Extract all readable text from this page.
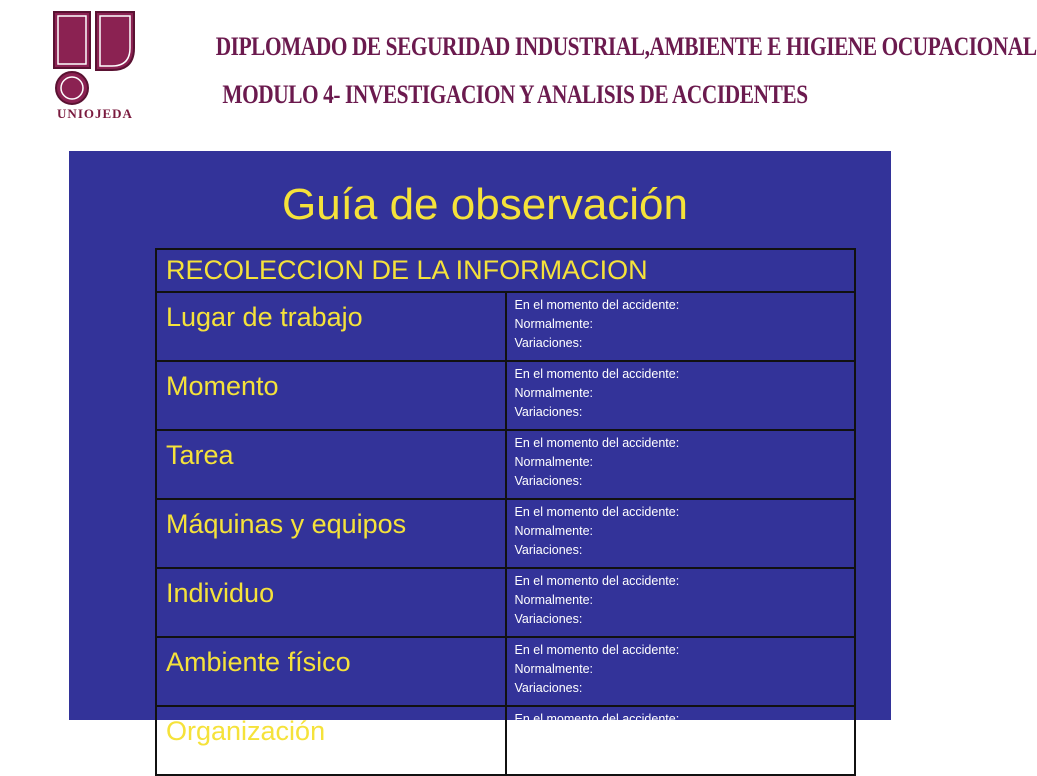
UNIOJEDA
DIPLOMADO DE SEGURIDAD INDUSTRIAL,AMBIENTE E HIGIENE OCUPACIONAL
MODULO 4- INVESTIGACION Y ANALISIS DE ACCIDENTES
Guía de observación
RECOLECCION DE LA INFORMACION	
Lugar de trabajo	En el momento del accidente:
Normalmente:
Variaciones:

Momento	En el momento del accidente:
Normalmente:
Variaciones:

Tarea	En el momento del accidente:
Normalmente:
Variaciones:

Máquinas y equipos	En el momento del accidente:
Normalmente:
Variaciones:

Individuo	En el momento del accidente:
Normalmente:
Variaciones:

Ambiente físico	En el momento del accidente:
Normalmente:
Variaciones:

Organización	En el momento del accidente:
Normalmente:
Variaciones:
